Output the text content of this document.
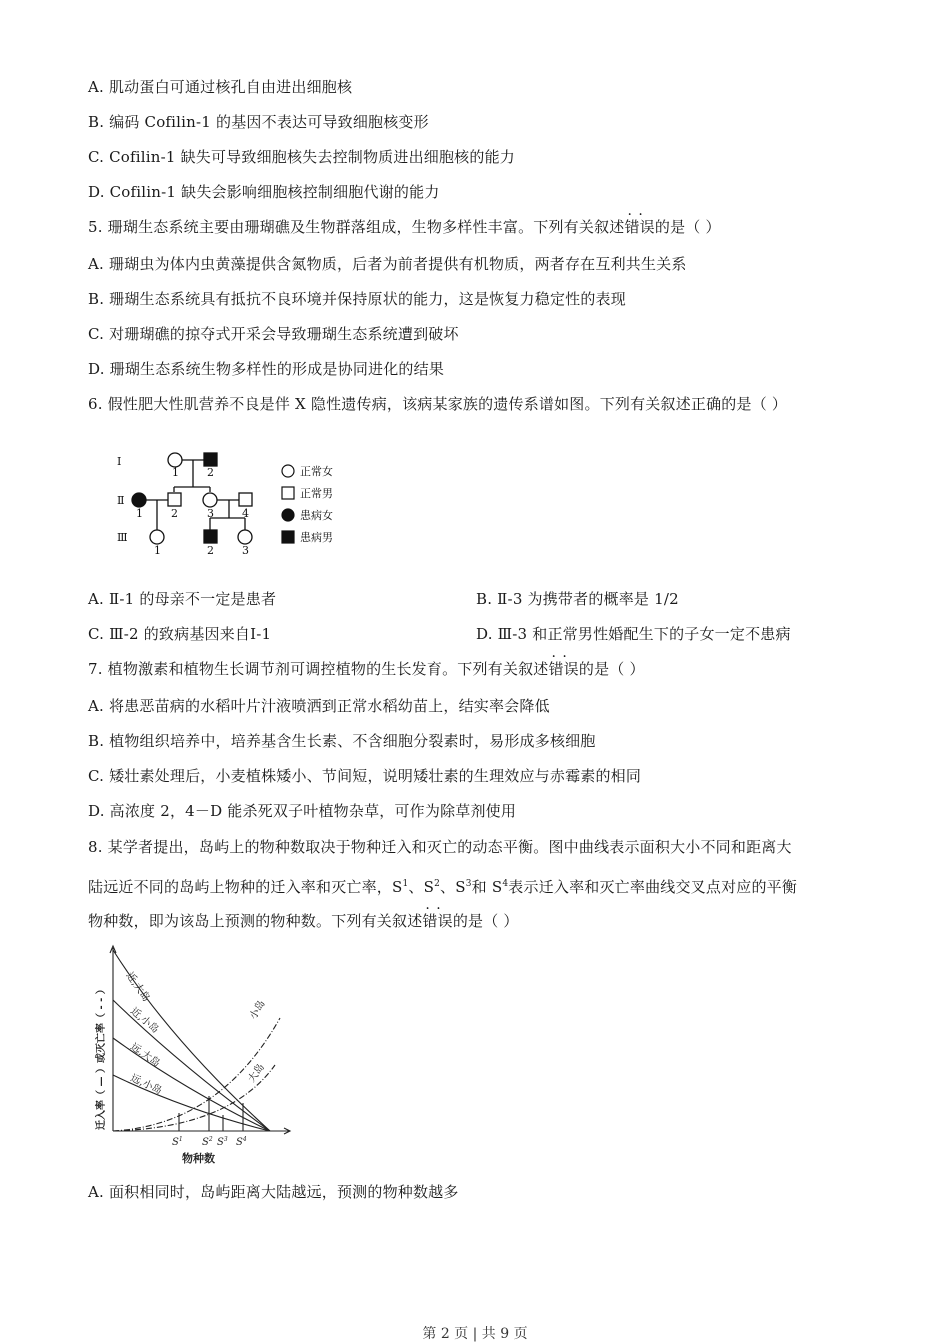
A. 肌动蛋白可通过核孔自由进出细胞核
B. 编码 Cofilin-1 的基因不表达可导致细胞核变形
C. Cofilin-1 缺失可导致细胞核失去控制物质进出细胞核的能力
D. Cofilin-1 缺失会影响细胞核控制细胞代谢的能力
5. 珊瑚生态系统主要由珊瑚礁及生物群落组成，生物多样性丰富。下列有关叙述· · 错误的是（ ）
A. 珊瑚虫为体内虫黄藻提供含氮物质，后者为前者提供有机物质，两者存在互利共生关系
B. 珊瑚生态系统具有抵抗不良环境并保持原状的能力，这是恢复力稳定性的表现
C. 对珊瑚礁的掠夺式开采会导致珊瑚生态系统遭到破坏
D. 珊瑚生态系统生物多样性的形成是协同进化的结果
6. 假性肥大性肌营养不良是伴 X 隐性遗传病，该病某家族的遗传系谱如图。下列有关叙述正确的是（ ）
Ⅰ
Ⅱ
Ⅲ
1	2
1	2	3	4
1	2	3
正常女
正常男
患病女
患病男
A. Ⅱ-1 的母亲不一定是患者	B. Ⅱ-3 为携带者的概率是 1/2
C. Ⅲ-2 的致病基因来自Ⅰ-1	D. Ⅲ-3 和正常男性婚配生下的子女一定不患病
7. 植物激素和植物生长调节剂可调控植物的生长发育。下列有关叙述· · 错误的是（ ）
A. 将患恶苗病的水稻叶片汁液喷洒到正常水稻幼苗上，结实率会降低
B. 植物组织培养中，培养基含生长素、不含细胞分裂素时，易形成多核细胞
C. 矮壮素处理后，小麦植株矮小、节间短，说明矮壮素的生理效应与赤霉素的相同
D. 高浓度 2，4－D 能杀死双子叶植物杂草，可作为除草剂使用
8. 某学者提出，岛屿上的物种数取决于物种迁入和灭亡的动态平衡。图中曲线表示面积大小不同和距离大
陆远近不同的岛屿上物种的迁入率和灭亡率，$S^1$、$S^2$、$S^3$和 $S^4$表示迁入率和灭亡率曲线交叉点对应的平衡
物种数，即为该岛上预测的物种数。下列有关叙述· · 错误的是（ ）
近,大岛
近,小岛
远,大岛
远,小岛
小岛
大岛
$S^1$ $S^2$ $S^3$ $S^4$
物种数
迁入率（ — ）或灭亡率（ - - ）
A. 面积相同时，岛屿距离大陆越远，预测的物种数越多
第 2 页 | 共 9 页
